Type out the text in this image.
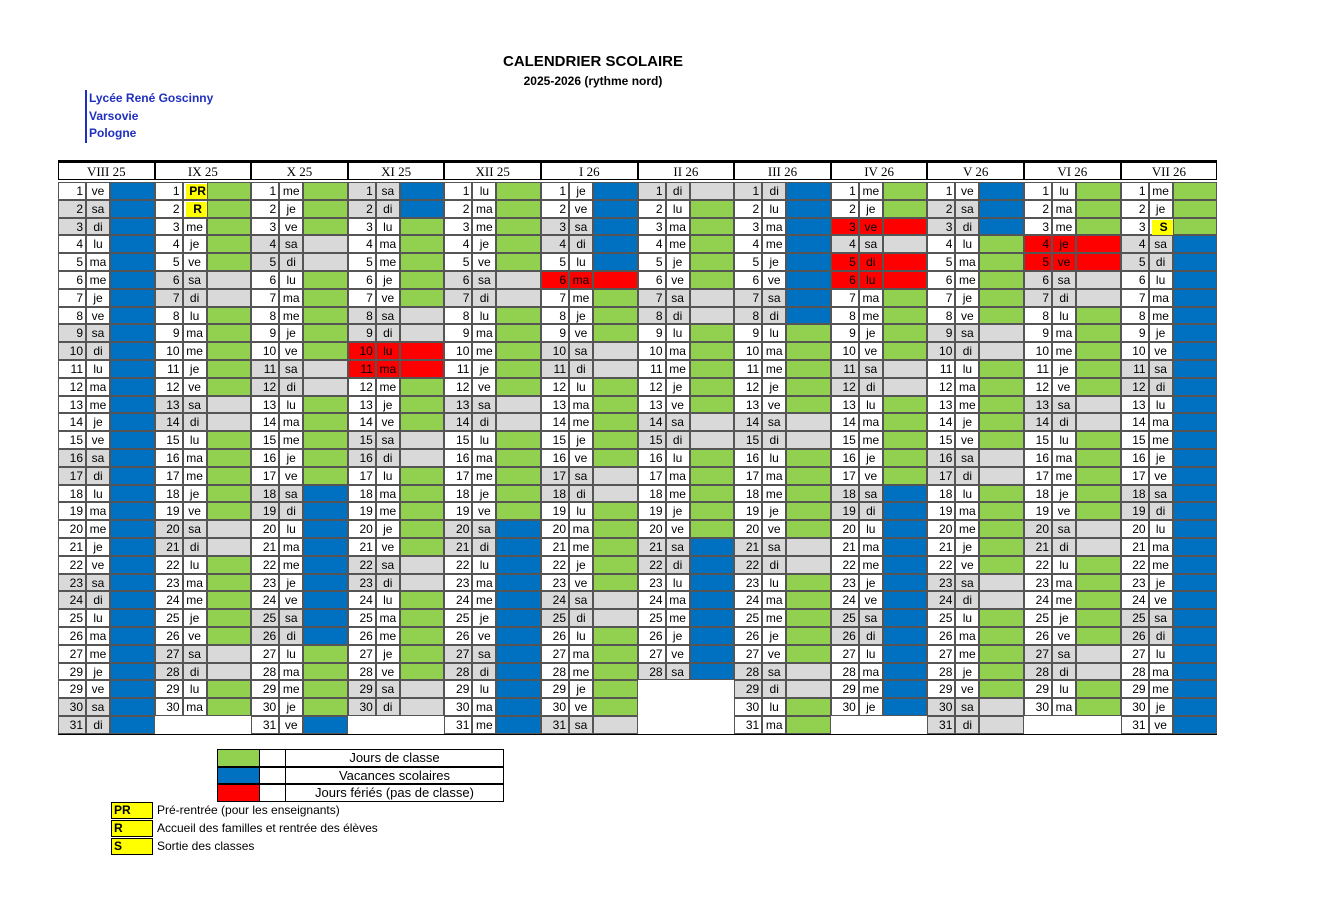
CALENDRIER SCOLAIRE
2025-2026 (rythme nord)
Lycée René Goscinny
Varsovie
Pologne
VIII 25
1 ve
2 sa
3 di
4 lu
5 ma
6 me
7 je
8 ve
9 sa
10 di
11 lu
12 ma
13 me
14 je
15 ve
16 sa
17 di
18 lu
19 ma
20 me
21 je
22 ve
23 sa
24 di
25 lu
26 ma
27 me
29 je
29 ve
30 sa
31 di
IX 25
1 PR
2	R
3 me
4 je
5 ve
6 sa
7 di
8 lu
9 ma
10 me
11 je
12 ve
13 sa
14 di
15 lu
16 ma
17 me
18 je
19 ve
20 sa
21 di
22 lu
23 ma
24 me
25 je
26 ve
27 sa
28 di
29 lu
30 ma
X 25
1 me
2 je
3 ve
4 sa
5 di
6 lu
7 ma
8 me
9 je
10 ve
11 sa
12 di
13 lu
14 ma
15 me
16 je
17 ve
18 sa
19 di
20 lu
21 ma
22 me
23 je
24 ve
25 sa
26 di
27 lu
28 ma
29 me
30 je
31 ve
XI 25
1 sa
2 di
3 lu
4 ma
5 me
6 je
7 ve
8 sa
9 di
10 lu
11 ma
12 me
13 je
14 ve
15 sa
16 di
17 lu
18 ma
19 me
20 je
21 ve
22 sa
23 di
24 lu
25 ma
26 me
27 je
28 ve
29 sa
30 di
XII 25
1 lu
2 ma
3 me
4 je
5 ve
6 sa
7 di
8 lu
9 ma
10 me
11 je
12 ve
13 sa
14 di
15 lu
16 ma
17 me
18 je
19 ve
20 sa
21 di
22 lu
23 ma
24 me
25 je
26 ve
27 sa
28 di
29 lu
30 ma
31 me
I 26
1 je
2 ve
3 sa
4 di
5 lu
6 ma
7 me
8 je
9 ve
10 sa
11 di
12 lu
13 ma
14 me
15 je
16 ve
17 sa
18 di
19 lu
20 ma
21 me
22 je
23 ve
24 sa
25 di
26 lu
27 ma
28 me
29 je
30 ve
31 sa
II 26
1 di
2 lu
3 ma
4 me
5 je
6 ve
7 sa
8 di
9 lu
10 ma
11 me
12 je
13 ve
14 sa
15 di
16 lu
17 ma
18 me
19 je
20 ve
21 sa
22 di
23 lu
24 ma
25 me
26 je
27 ve
28 sa
III 26
1 di
2 lu
3 ma
4 me
5 je
6 ve
7 sa
8 di
9 lu
10 ma
11 me
12 je
13 ve
14 sa
15 di
16 lu
17 ma
18 me
19 je
20 ve
21 sa
22 di
23 lu
24 ma
25 me
26 je
27 ve
28 sa
29 di
30 lu
31 ma
IV 26
1 me
2 je
3 ve
4 sa
5 di
6 lu
7 ma
8 me
9 je
10 ve
11 sa
12 di
13 lu
14 ma
15 me
16 je
17 ve
18 sa
19 di
20 lu
21 ma
22 me
23 je
24 ve
25 sa
26 di
27 lu
28 ma
29 me
30 je
V 26
1 ve
2 sa
3 di
4 lu
5 ma
6 me
7 je
8 ve
9 sa
10 di
11 lu
12 ma
13 me
14 je
15 ve
16 sa
17 di
18 lu
19 ma
20 me
21 je
22 ve
23 sa
24 di
25 lu
26 ma
27 me
28 je
29 ve
30 sa
31 di
VI 26
1 lu
2 ma
3 me
4 je
5 ve
6 sa
7 di
8 lu
9 ma
10 me
11 je
12 ve
13 sa
14 di
15 lu
16 ma
17 me
18 je
19 ve
20 sa
21 di
22 lu
23 ma
24 me
25 je
26 ve
27 sa
28 di
29 lu
30 ma
VII 26
1 me
2 je
3	S
4 sa
5 di
6 lu
7 ma
8 me
9 je
10 ve
11 sa
12 di
13 lu
14 ma
15 me
16 je
17 ve
18 sa
19 di
20 lu
21 ma
22 me
23 je
24 ve
25 sa
26 di
27 lu
28 ma
29 me
30 je
31 ve
Jours de classe
Vacances scolaires
Jours fériés (pas de classe)
PR	Pré-rentrée (pour les enseignants)
R	Accueil des familles et rentrée des élèves
S	Sortie des classes
